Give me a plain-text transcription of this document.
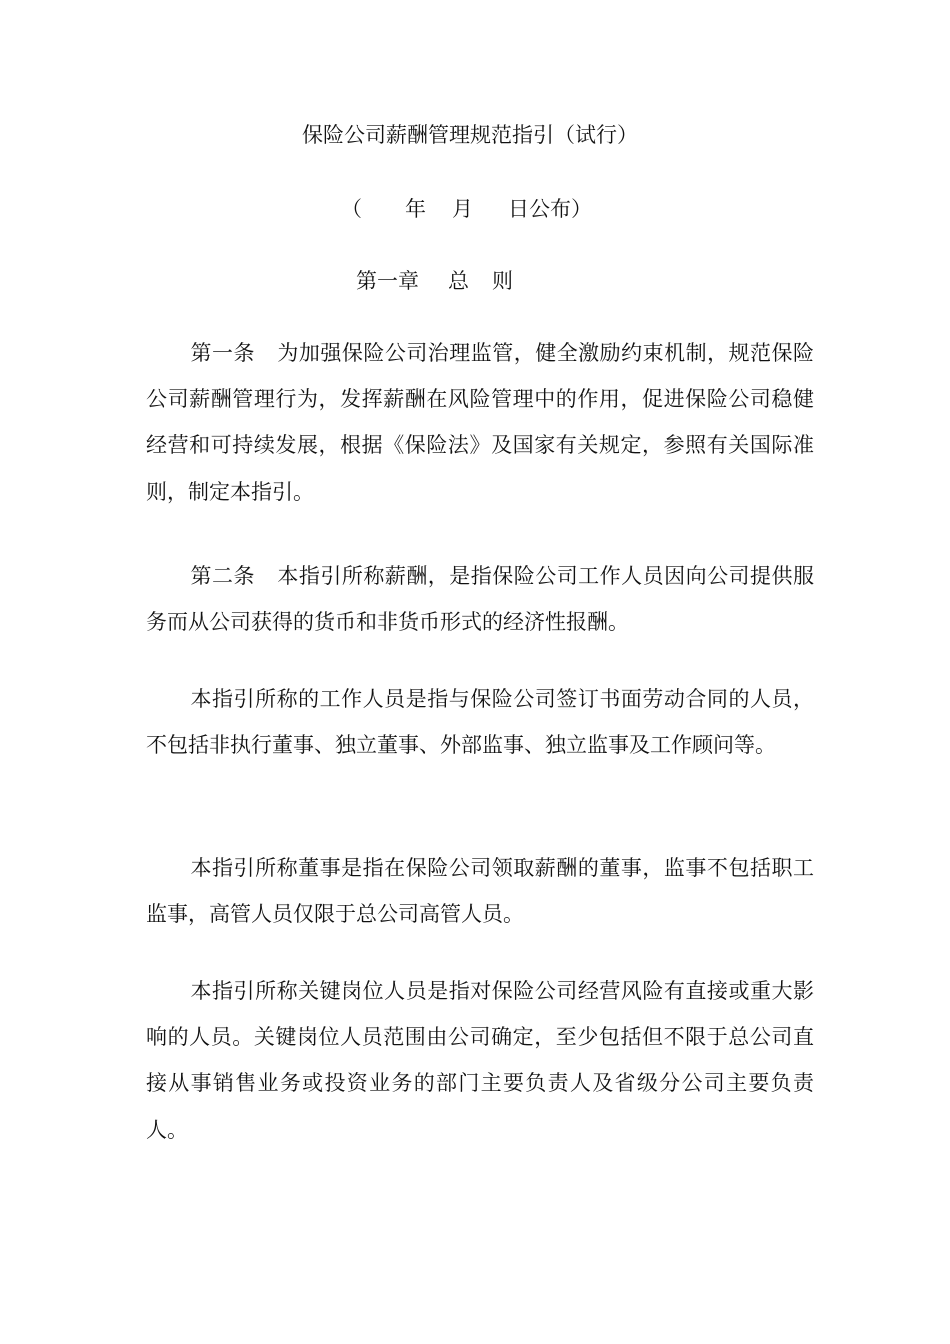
保险公司薪酬管理规范指引（试行）
（ 年 月 日公布）
第一章 总 则
第一条 为加强保险公司治理监管，健全激励约束机制，规范保险公司薪酬管理行为，发挥薪酬在风险管理中的作用，促进保险公司稳健经营和可持续发展，根据《保险法》及国家有关规定，参照有关国际准则，制定本指引。
第二条 本指引所称薪酬，是指保险公司工作人员因向公司提供服务而从公司获得的货币和非货币形式的经济性报酬。
本指引所称的工作人员是指与保险公司签订书面劳动合同的人员，不包括非执行董事、独立董事、外部监事、独立监事及工作顾问等。
本指引所称董事是指在保险公司领取薪酬的董事，监事不包括职工监事，高管人员仅限于总公司高管人员。
本指引所称关键岗位人员是指对保险公司经营风险有直接或重大影响的人员。关键岗位人员范围由公司确定，至少包括但不限于总公司直接从事销售业务或投资业务的部门主要负责人及省级分公司主要负责人。
